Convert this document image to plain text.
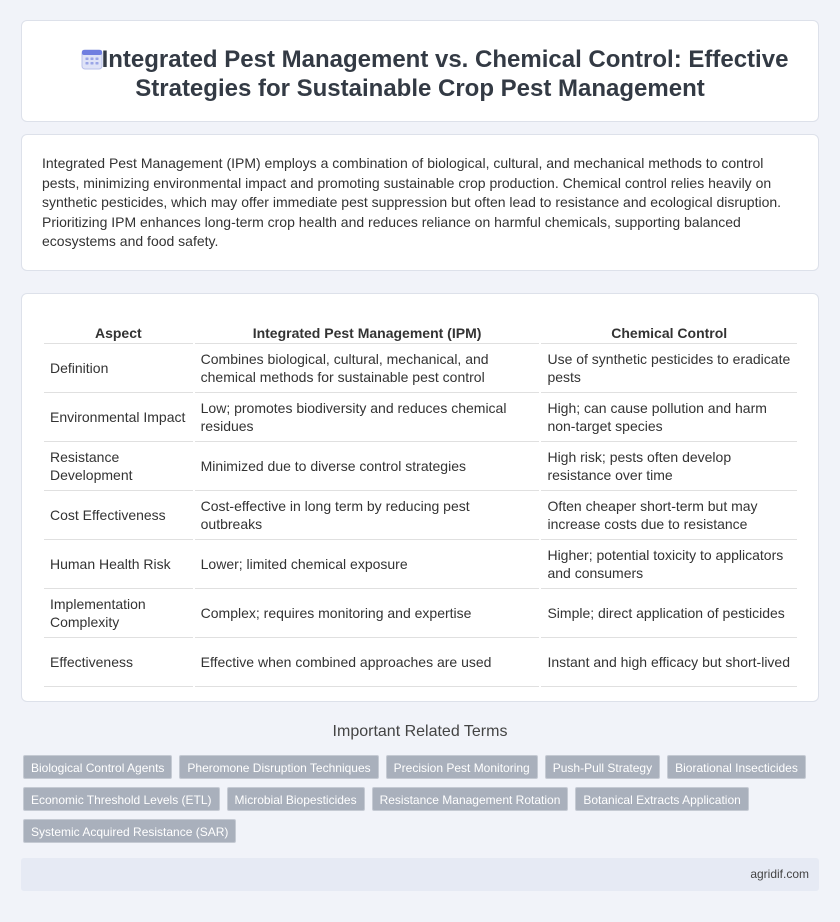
Integrated Pest Management vs. Chemical Control: Effective
Strategies for Sustainable Crop Pest Management

Integrated Pest Management (IPM) employs a combination of biological, cultural, and mechanical methods to control pests, minimizing environmental impact and promoting sustainable crop production. Chemical control relies heavily on synthetic pesticides, which may offer immediate pest suppression but often lead to resistance and ecological disruption. Prioritizing IPM enhances long-term crop health and reduces reliance on harmful chemicals, supporting balanced ecosystems and food safety.

Aspect	Integrated Pest Management (IPM)	Chemical Control
Definition	Combines biological, cultural, mechanical, and chemical methods for sustainable pest control	Use of synthetic pesticides to eradicate pests
Environmental Impact	Low; promotes biodiversity and reduces chemical residues	High; can cause pollution and harm non-target species
Resistance Development	Minimized due to diverse control strategies	High risk; pests often develop resistance over time
Cost Effectiveness	Cost-effective in long term by reducing pest outbreaks	Often cheaper short-term but may increase costs due to resistance
Human Health Risk	Lower; limited chemical exposure	Higher; potential toxicity to applicators and consumers
Implementation Complexity	Complex; requires monitoring and expertise	Simple; direct application of pesticides
Effectiveness	Effective when combined approaches are used	Instant and high efficacy but short-lived
Important Related Terms
Biological Control Agents	Pheromone Disruption Techniques	Precision Pest Monitoring	Push-Pull Strategy	Biorational Insecticides
Economic Threshold Levels (ETL)	Microbial Biopesticides	Resistance Management Rotation	Botanical Extracts Application
Systemic Acquired Resistance (SAR)
agridif.com
